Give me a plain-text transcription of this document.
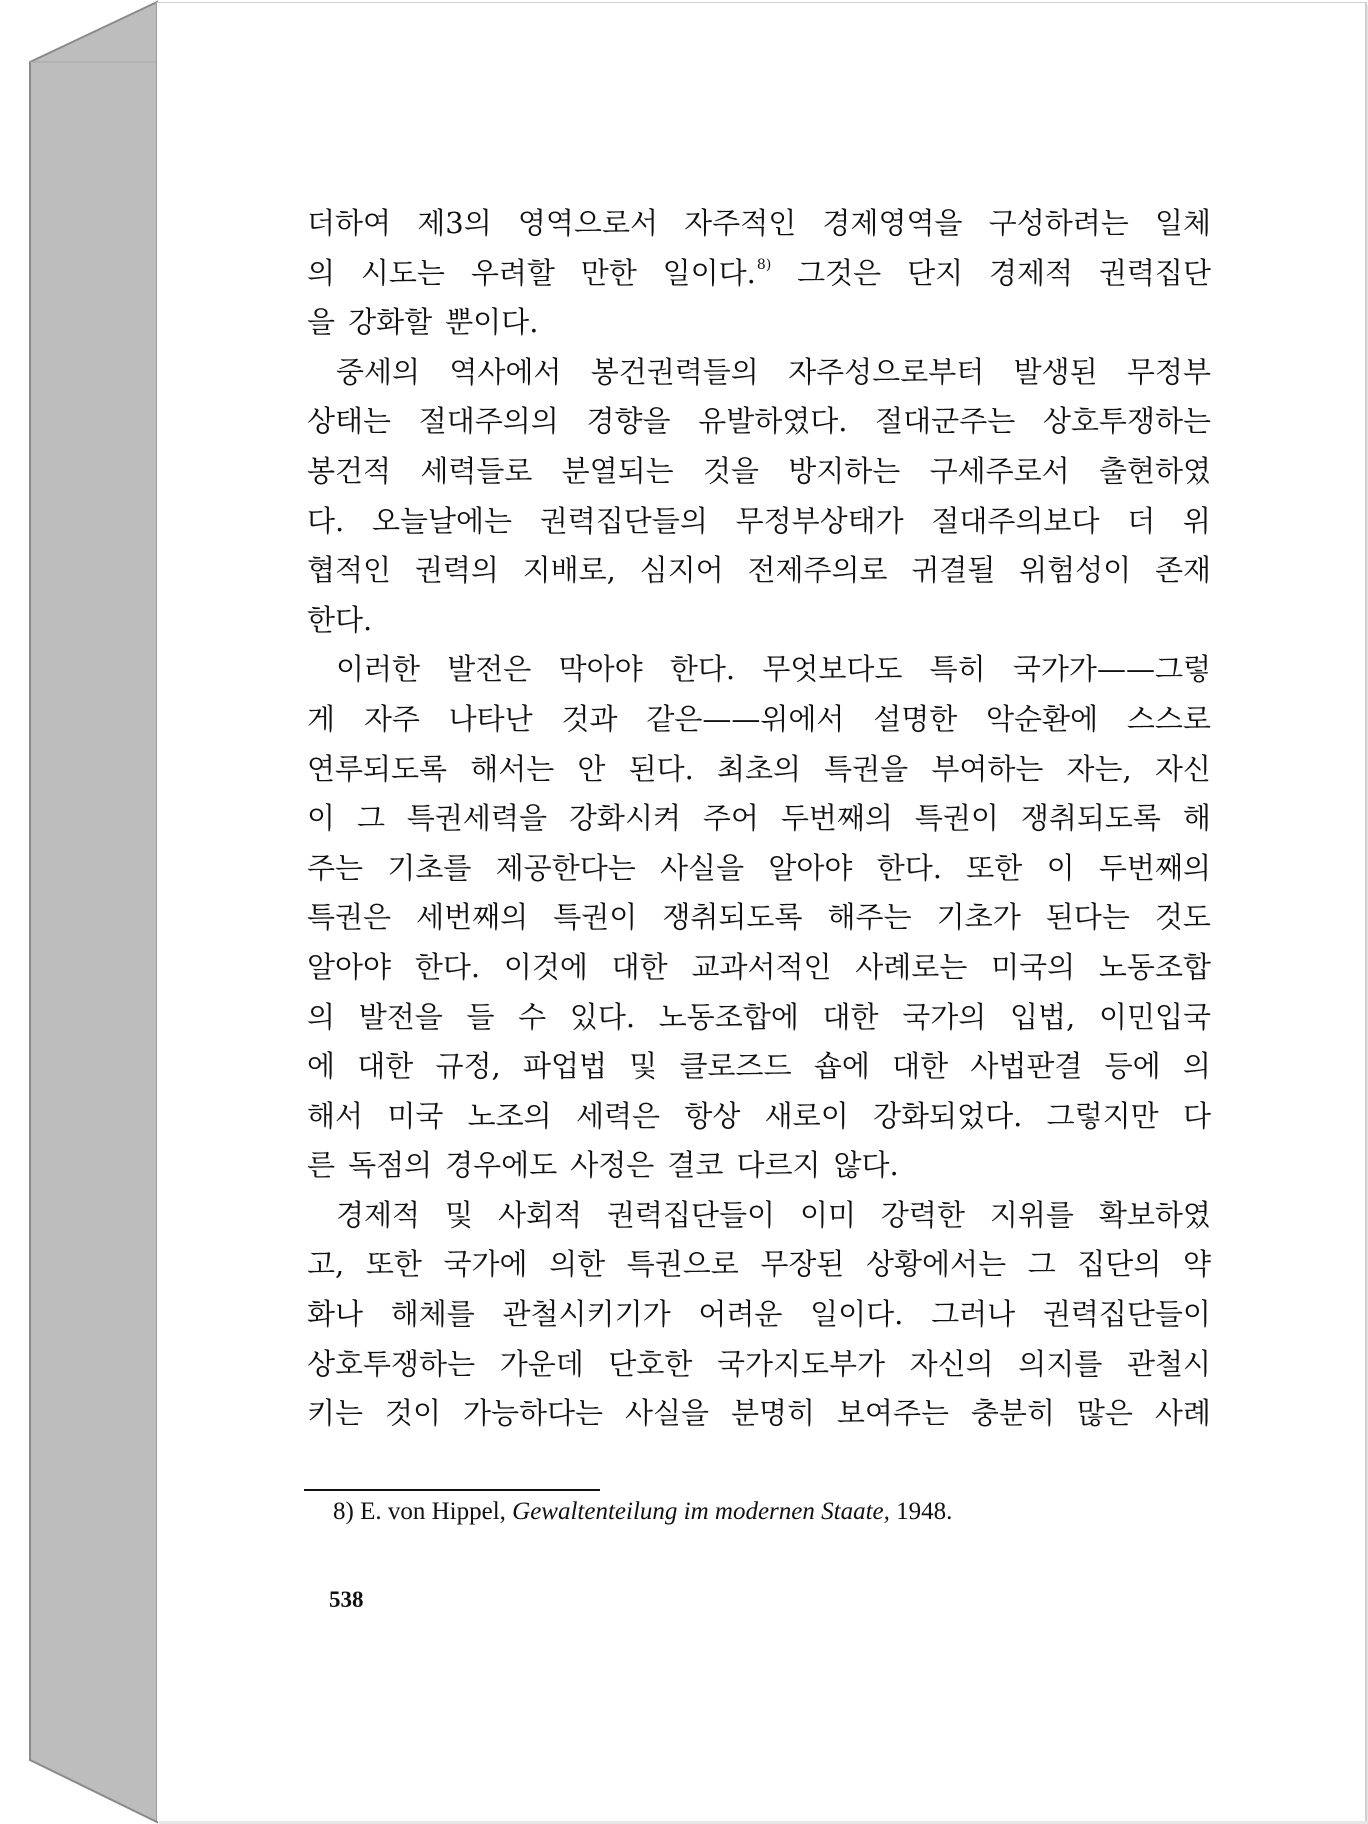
더하여 제3의 영역으로서 자주적인 경제영역을 구성하려는 일체
의 시도는 우려할 만한 일이다.$^{8)}$ 그것은 단지 경제적 권력집단
을 강화할 뿐이다.
중세의 역사에서 봉건권력들의 자주성으로부터 발생된 무정부
상태는 절대주의의 경향을 유발하였다. 절대군주는 상호투쟁하는
봉건적 세력들로 분열되는 것을 방지하는 구세주로서 출현하였
다. 오늘날에는 권력집단들의 무정부상태가 절대주의보다 더 위
협적인 권력의 지배로, 심지어 전제주의로 귀결될 위험성이 존재
한다.
이러한 발전은 막아야 한다. 무엇보다도 특히 국가가——그렇
게 자주 나타난 것과 같은——위에서 설명한 악순환에 스스로
연루되도록 해서는 안 된다. 최초의 특권을 부여하는 자는, 자신
이 그 특권세력을 강화시켜 주어 두번째의 특권이 쟁취되도록 해
주는 기초를 제공한다는 사실을 알아야 한다. 또한 이 두번째의
특권은 세번째의 특권이 쟁취되도록 해주는 기초가 된다는 것도
알아야 한다. 이것에 대한 교과서적인 사례로는 미국의 노동조합
의 발전을 들 수 있다. 노동조합에 대한 국가의 입법, 이민입국
에 대한 규정, 파업법 및 클로즈드 숍에 대한 사법판결 등에 의
해서 미국 노조의 세력은 항상 새로이 강화되었다. 그렇지만 다
른 독점의 경우에도 사정은 결코 다르지 않다.
경제적 및 사회적 권력집단들이 이미 강력한 지위를 확보하였
고, 또한 국가에 의한 특권으로 무장된 상황에서는 그 집단의 약
화나 해체를 관철시키기가 어려운 일이다. 그러나 권력집단들이
상호투쟁하는 가운데 단호한 국가지도부가 자신의 의지를 관철시
키는 것이 가능하다는 사실을 분명히 보여주는 충분히 많은 사례
8) E. von Hippel, Gewaltenteilung im modernen Staate, 1948.
538
